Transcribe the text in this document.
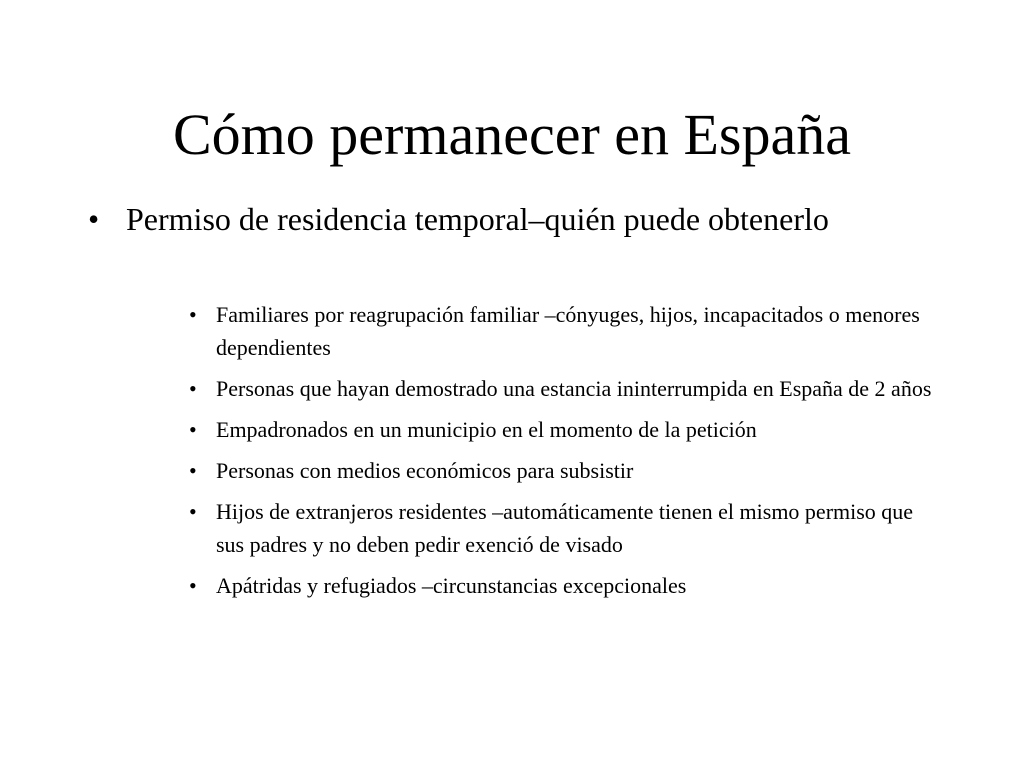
Cómo permanecer en España
• Permiso de residencia temporal–quién puede obtenerlo
• Familiares por reagrupación familiar –cónyuges, hijos, incapacitados o menores dependientes
• Personas que hayan demostrado una estancia ininterrumpida en España de 2 años
• Empadronados en un municipio en el momento de la petición
• Personas con medios económicos para subsistir
• Hijos de extranjeros residentes –automáticamente tienen el mismo permiso que sus padres y no deben pedir exenció de visado
• Apátridas y refugiados –circunstancias excepcionales
